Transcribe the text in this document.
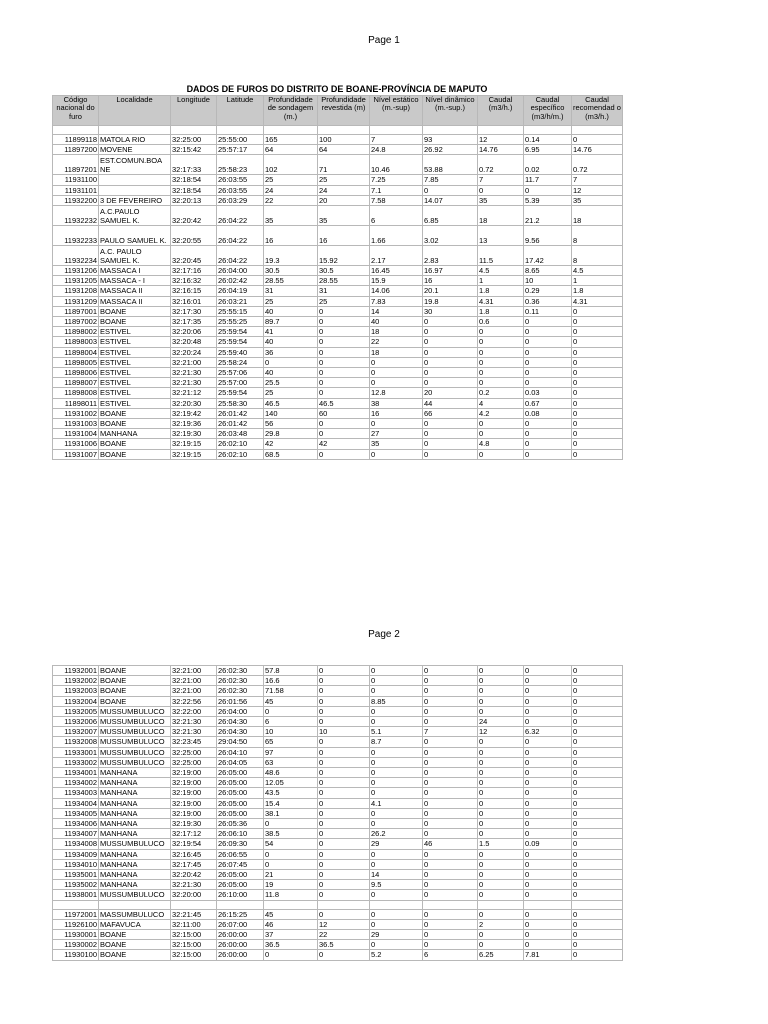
Page 1
DADOS DE FUROS DO DISTRITO DE BOANE-PROVÍNCIA DE MAPUTO
Código nacional do furo	Localidade	Longitude	Latitude	Profundidade de sondagem (m.)	Profundidade revestida (m)	Nível estático (m.-sup)	Nível dinâmico (m.-sup.)	Caudal (m3/h.)	Caudal específico (m3/h/m.)	Caudal recomendad o (m3/h.)

11899118	MATOLA RIO	32:25:00	25:55:00	165	100	7	93	12	0.14	0
11897200	MOVENE	32:15:42	25:57:17	64	64	24.8	26.92	14.76	6.95	14.76
11897201	EST.COMUN.BOA NE	32:17:33	25:58:23	102	71	10.46	53.88	0.72	0.02	0.72
11931100		32:18:54	26:03:55	25	25	7.25	7.85	7	11.7	7
11931101		32:18:54	26:03:55	24	24	7.1	0	0	0	12
11932200	3 DE FEVEREIRO	32:20:13	26:03:29	22	20	7.58	14.07	35	5.39	35
11932232	A.C.PAULO SAMUEL K.	32:20:42	26:04:22	35	35	6	6.85	18	21.2	18
11932233	PAULO SAMUEL K.	32:20:55	26:04:22	16	16	1.66	3.02	13	9.56	8
11932234	A.C. PAULO SAMUEL K.	32:20:45	26:04:22	19.3	15.92	2.17	2.83	11.5	17.42	8
11931206	MASSACA I	32:17:16	26:04:00	30.5	30.5	16.45	16.97	4.5	8.65	4.5
11931205	MASSACA - I	32:16:32	26:02:42	28.55	28.55	15.9	16	1	10	1
11931208	MASSACA II	32:16:15	26:04:19	31	31	14.06	20.1	1.8	0.29	1.8
11931209	MASSACA II	32:16:01	26:03:21	25	25	7.83	19.8	4.31	0.36	4.31
11897001	BOANE	32:17:30	25:55:15	40	0	14	30	1.8	0.11	0
11897002	BOANE	32:17:35	25:55:25	89.7	0	40	0	0.6	0	0
11898002	ESTIVEL	32:20:06	25:59:54	41	0	18	0	0	0	0
11898003	ESTIVEL	32:20:48	25:59:54	40	0	22	0	0	0	0
11898004	ESTIVEL	32:20:24	25:59:40	36	0	18	0	0	0	0
11898005	ESTIVEL	32:21:00	25:58:24	0	0	0	0	0	0	0
11898006	ESTIVEL	32:21:30	25:57:06	40	0	0	0	0	0	0
11898007	ESTIVEL	32:21:30	25:57:00	25.5	0	0	0	0	0	0
11898008	ESTIVEL	32:21:12	25:59:54	25	0	12.8	20	0.2	0.03	0
11898011	ESTIVEL	32:20:30	25:58:30	46.5	46.5	38	44	4	0.67	0
11931002	BOANE	32:19:42	26:01:42	140	60	16	66	4.2	0.08	0
11931003	BOANE	32:19:36	26:01:42	56	0	0	0	0	0	0
11931004	MANHANA	32:19:30	26:03:48	29.8	0	27	0	0	0	0
11931006	BOANE	32:19:15	26:02:10	42	42	35	0	4.8	0	0
11931007	BOANE	32:19:15	26:02:10	68.5	0	0	0	0	0	0
Page 2
11932001	BOANE	32:21:00	26:02:30	57.8	0	0	0	0	0	0
11932002	BOANE	32:21:00	26:02:30	16.6	0	0	0	0	0	0
11932003	BOANE	32:21:00	26:02:30	71.58	0	0	0	0	0	0
11932004	BOANE	32:22:56	26:01:56	45	0	8.85	0	0	0	0
11932005	MUSSUMBULUCO	32:22:00	26:04:00	0	0	0	0	0	0	0
11932006	MUSSUMBULUCO	32:21:30	26:04:30	6	0	0	0	24	0	0
11932007	MUSSUMBULUCO	32:21:30	26:04:30	10	10	5.1	7	12	6.32	0
11932008	MUSSUMBULUCO	32:23:45	29:04:50	65	0	8.7	0	0	0	0
11933001	MUSSUMBULUCO	32:25:00	26:04:10	97	0	0	0	0	0	0
11933002	MUSSUMBULUCO	32:25:00	26:04:05	63	0	0	0	0	0	0
11934001	MANHANA	32:19:00	26:05:00	48.6	0	0	0	0	0	0
11934002	MANHANA	32:19:00	26:05:00	12.05	0	0	0	0	0	0
11934003	MANHANA	32:19:00	26:05:00	43.5	0	0	0	0	0	0
11934004	MANHANA	32:19:00	26:05:00	15.4	0	4.1	0	0	0	0
11934005	MANHANA	32:19:00	26:05:00	38.1	0	0	0	0	0	0
11934006	MANHANA	32:19:30	26:05:36	0	0	0	0	0	0	0
11934007	MANHANA	32:17:12	26:06:10	38.5	0	26.2	0	0	0	0
11934008	MUSSUMBULUCO	32:19:54	26:09:30	54	0	29	46	1.5	0.09	0
11934009	MANHANA	32:16:45	26:06:55	0	0	0	0	0	0	0
11934010	MANHANA	32:17:45	26:07:45	0	0	0	0	0	0	0
11935001	MANHANA	32:20:42	26:05:00	21	0	14	0	0	0	0
11935002	MANHANA	32:21:30	26:05:00	19	0	9.5	0	0	0	0
11938001	MUSSUMBULUCO	32:20:00	26:10:00	11.8	0	0	0	0	0	0

11972001	MASSUMBULUCO	32:21:45	26:15:25	45	0	0	0	0	0	0
11926100	MAFAVUCA	32:11:00	26:07:00	46	12	0	0	2	0	0
11930001	BOANE	32:15:00	26:00:00	37	22	29	0	0	0	0
11930002	BOANE	32:15:00	26:00:00	36.5	36.5	0	0	0	0	0
11930100	BOANE	32:15:00	26:00:00	0	0	5.2	6	6.25	7.81	0
